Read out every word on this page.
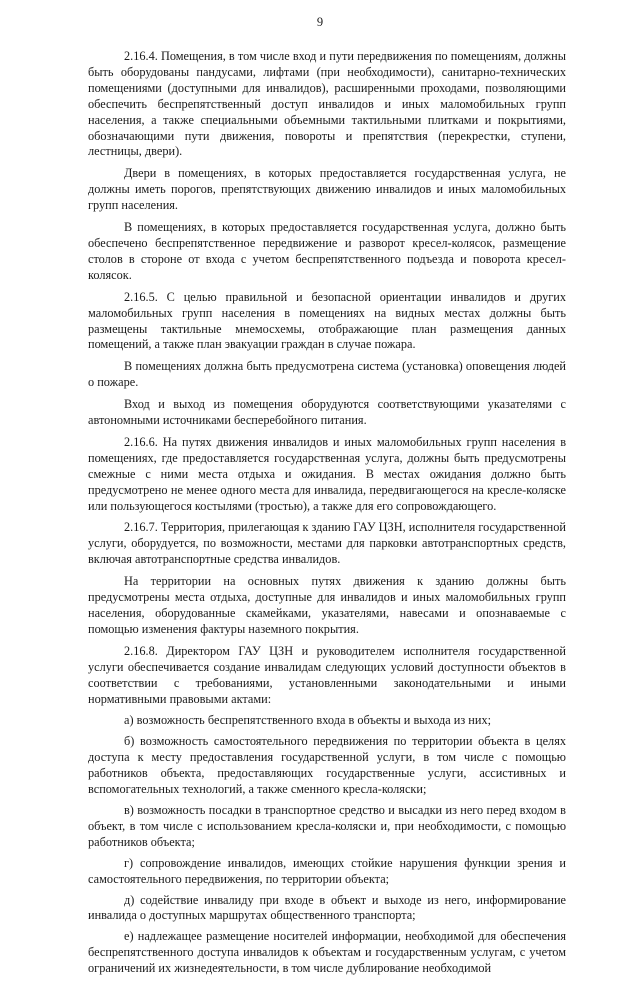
9

2.16.4. Помещения, в том числе вход и пути передвижения по помещениям, должны быть оборудованы пандусами, лифтами (при необходимости), санитарно-технических помещениями (доступными для инвалидов), расширенными проходами, позволяющими обеспечить беспрепятственный доступ инвалидов и иных маломобильных групп населения, а также специальными объемными тактильными плитками и покрытиями, обозначающими пути движения, повороты и препятствия (перекрестки, ступени, лестницы, двери).

Двери в помещениях, в которых предоставляется государственная услуга, не должны иметь порогов, препятствующих движению инвалидов и иных маломобильных групп населения.

В помещениях, в которых предоставляется государственная услуга, должно быть обеспечено беспрепятственное передвижение и разворот кресел-колясок, размещение столов в стороне от входа с учетом беспрепятственного подъезда и поворота кресел-колясок.

2.16.5. С целью правильной и безопасной ориентации инвалидов и других маломобильных групп населения в помещениях на видных местах должны быть размещены тактильные мнемосхемы, отображающие план размещения данных помещений, а также план эвакуации граждан в случае пожара.

В помещениях должна быть предусмотрена система (установка) оповещения людей о пожаре.

Вход и выход из помещения оборудуются соответствующими указателями с автономными источниками бесперебойного питания.

2.16.6. На путях движения инвалидов и иных маломобильных групп населения в помещениях, где предоставляется государственная услуга, должны быть предусмотрены смежные с ними места отдыха и ожидания. В местах ожидания должно быть предусмотрено не менее одного места для инвалида, передвигающегося на кресле-коляске или пользующегося костылями (тростью), а также для его сопровождающего.

2.16.7. Территория, прилегающая к зданию ГАУ ЦЗН, исполнителя государственной услуги, оборудуется, по возможности, местами для парковки автотранспортных средств, включая автотранспортные средства инвалидов.

На территории на основных путях движения к зданию должны быть предусмотрены места отдыха, доступные для инвалидов и иных маломобильных групп населения, оборудованные скамейками, указателями, навесами и опознаваемые с помощью изменения фактуры наземного покрытия.

2.16.8. Директором ГАУ ЦЗН и руководителем исполнителя государственной услуги обеспечивается создание инвалидам следующих условий доступности объектов в соответствии с требованиями, установленными законодательными и иными нормативными правовыми актами:

а) возможность беспрепятственного входа в объекты и выхода из них;

б) возможность самостоятельного передвижения по территории объекта в целях доступа к месту предоставления государственной услуги, в том числе с помощью работников объекта, предоставляющих государственные услуги, ассистивных и вспомогательных технологий, а также сменного кресла-коляски;

в) возможность посадки в транспортное средство и высадки из него перед входом в объект, в том числе с использованием кресла-коляски и, при необходимости, с помощью работников объекта;

г) сопровождение инвалидов, имеющих стойкие нарушения функции зрения и самостоятельного передвижения, по территории объекта;

д) содействие инвалиду при входе в объект и выходе из него, информирование инвалида о доступных маршрутах общественного транспорта;

е) надлежащее размещение носителей информации, необходимой для обеспечения беспрепятственного доступа инвалидов к объектам и государственным услугам, с учетом ограничений их жизнедеятельности, в том числе дублирование необходимой
